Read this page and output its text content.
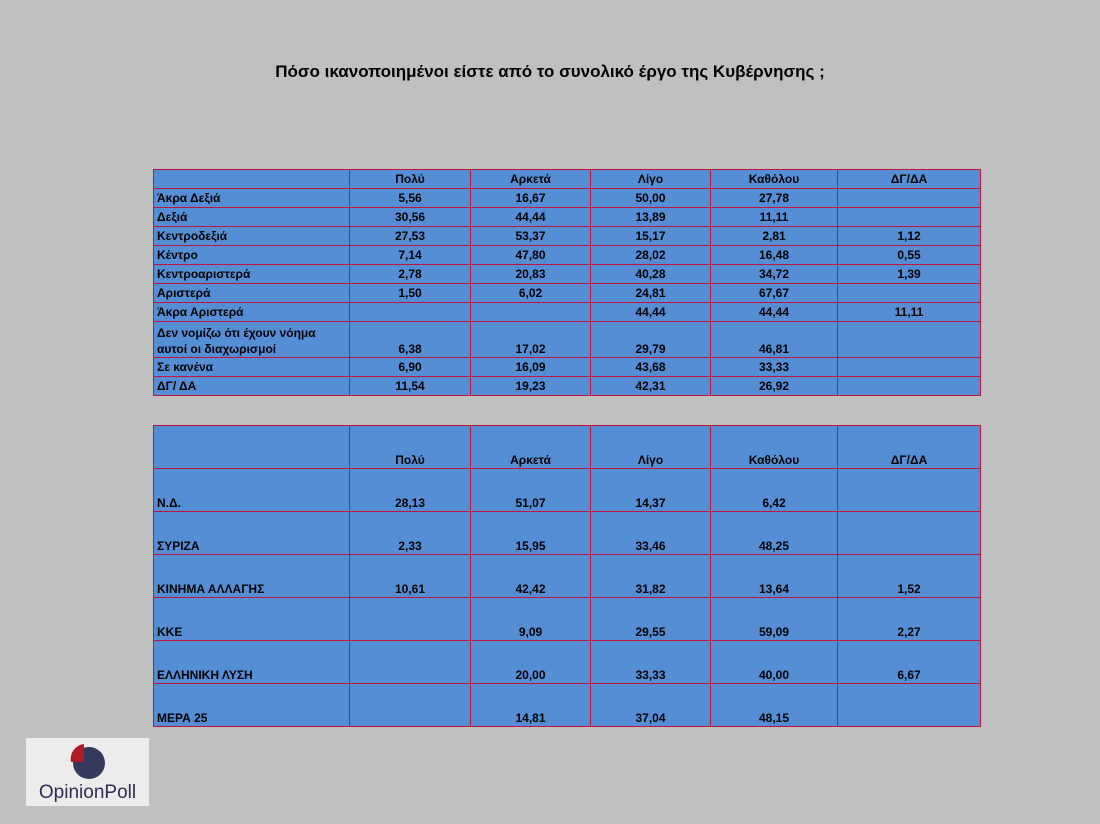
Πόσο ικανοποιημένοι είστε από το συνολικό έργο της Κυβέρνησης ;
	Πολύ	Αρκετά	Λίγο	Καθόλου	ΔΓ/ΔΑ
Άκρα Δεξιά	5,56	16,67	50,00	27,78	
Δεξιά	30,56	44,44	13,89	11,11	
Κεντροδεξιά	27,53	53,37	15,17	2,81	1,12
Κέντρο	7,14	47,80	28,02	16,48	0,55
Κεντροαριστερά	2,78	20,83	40,28	34,72	1,39
Αριστερά	1,50	6,02	24,81	67,67	
Άκρα Αριστερά			44,44	44,44	11,11
Δεν νομίζω ότι έχουν νόημα αυτοί οι διαχωρισμοί	6,38	17,02	29,79	46,81	
Σε κανένα	6,90	16,09	43,68	33,33	
ΔΓ/ ΔΑ	11,54	19,23	42,31	26,92	
	Πολύ	Αρκετά	Λίγο	Καθόλου	ΔΓ/ΔΑ
Ν.Δ.	28,13	51,07	14,37	6,42	
ΣΥΡΙΖΑ	2,33	15,95	33,46	48,25	
ΚΙΝΗΜΑ ΑΛΛΑΓΗΣ	10,61	42,42	31,82	13,64	1,52
ΚΚΕ		9,09	29,55	59,09	2,27
ΕΛΛΗΝΙΚΗ ΛΥΣΗ		20,00	33,33	40,00	6,67
ΜΕΡΑ 25		14,81	37,04	48,15	
OpinionPoll
